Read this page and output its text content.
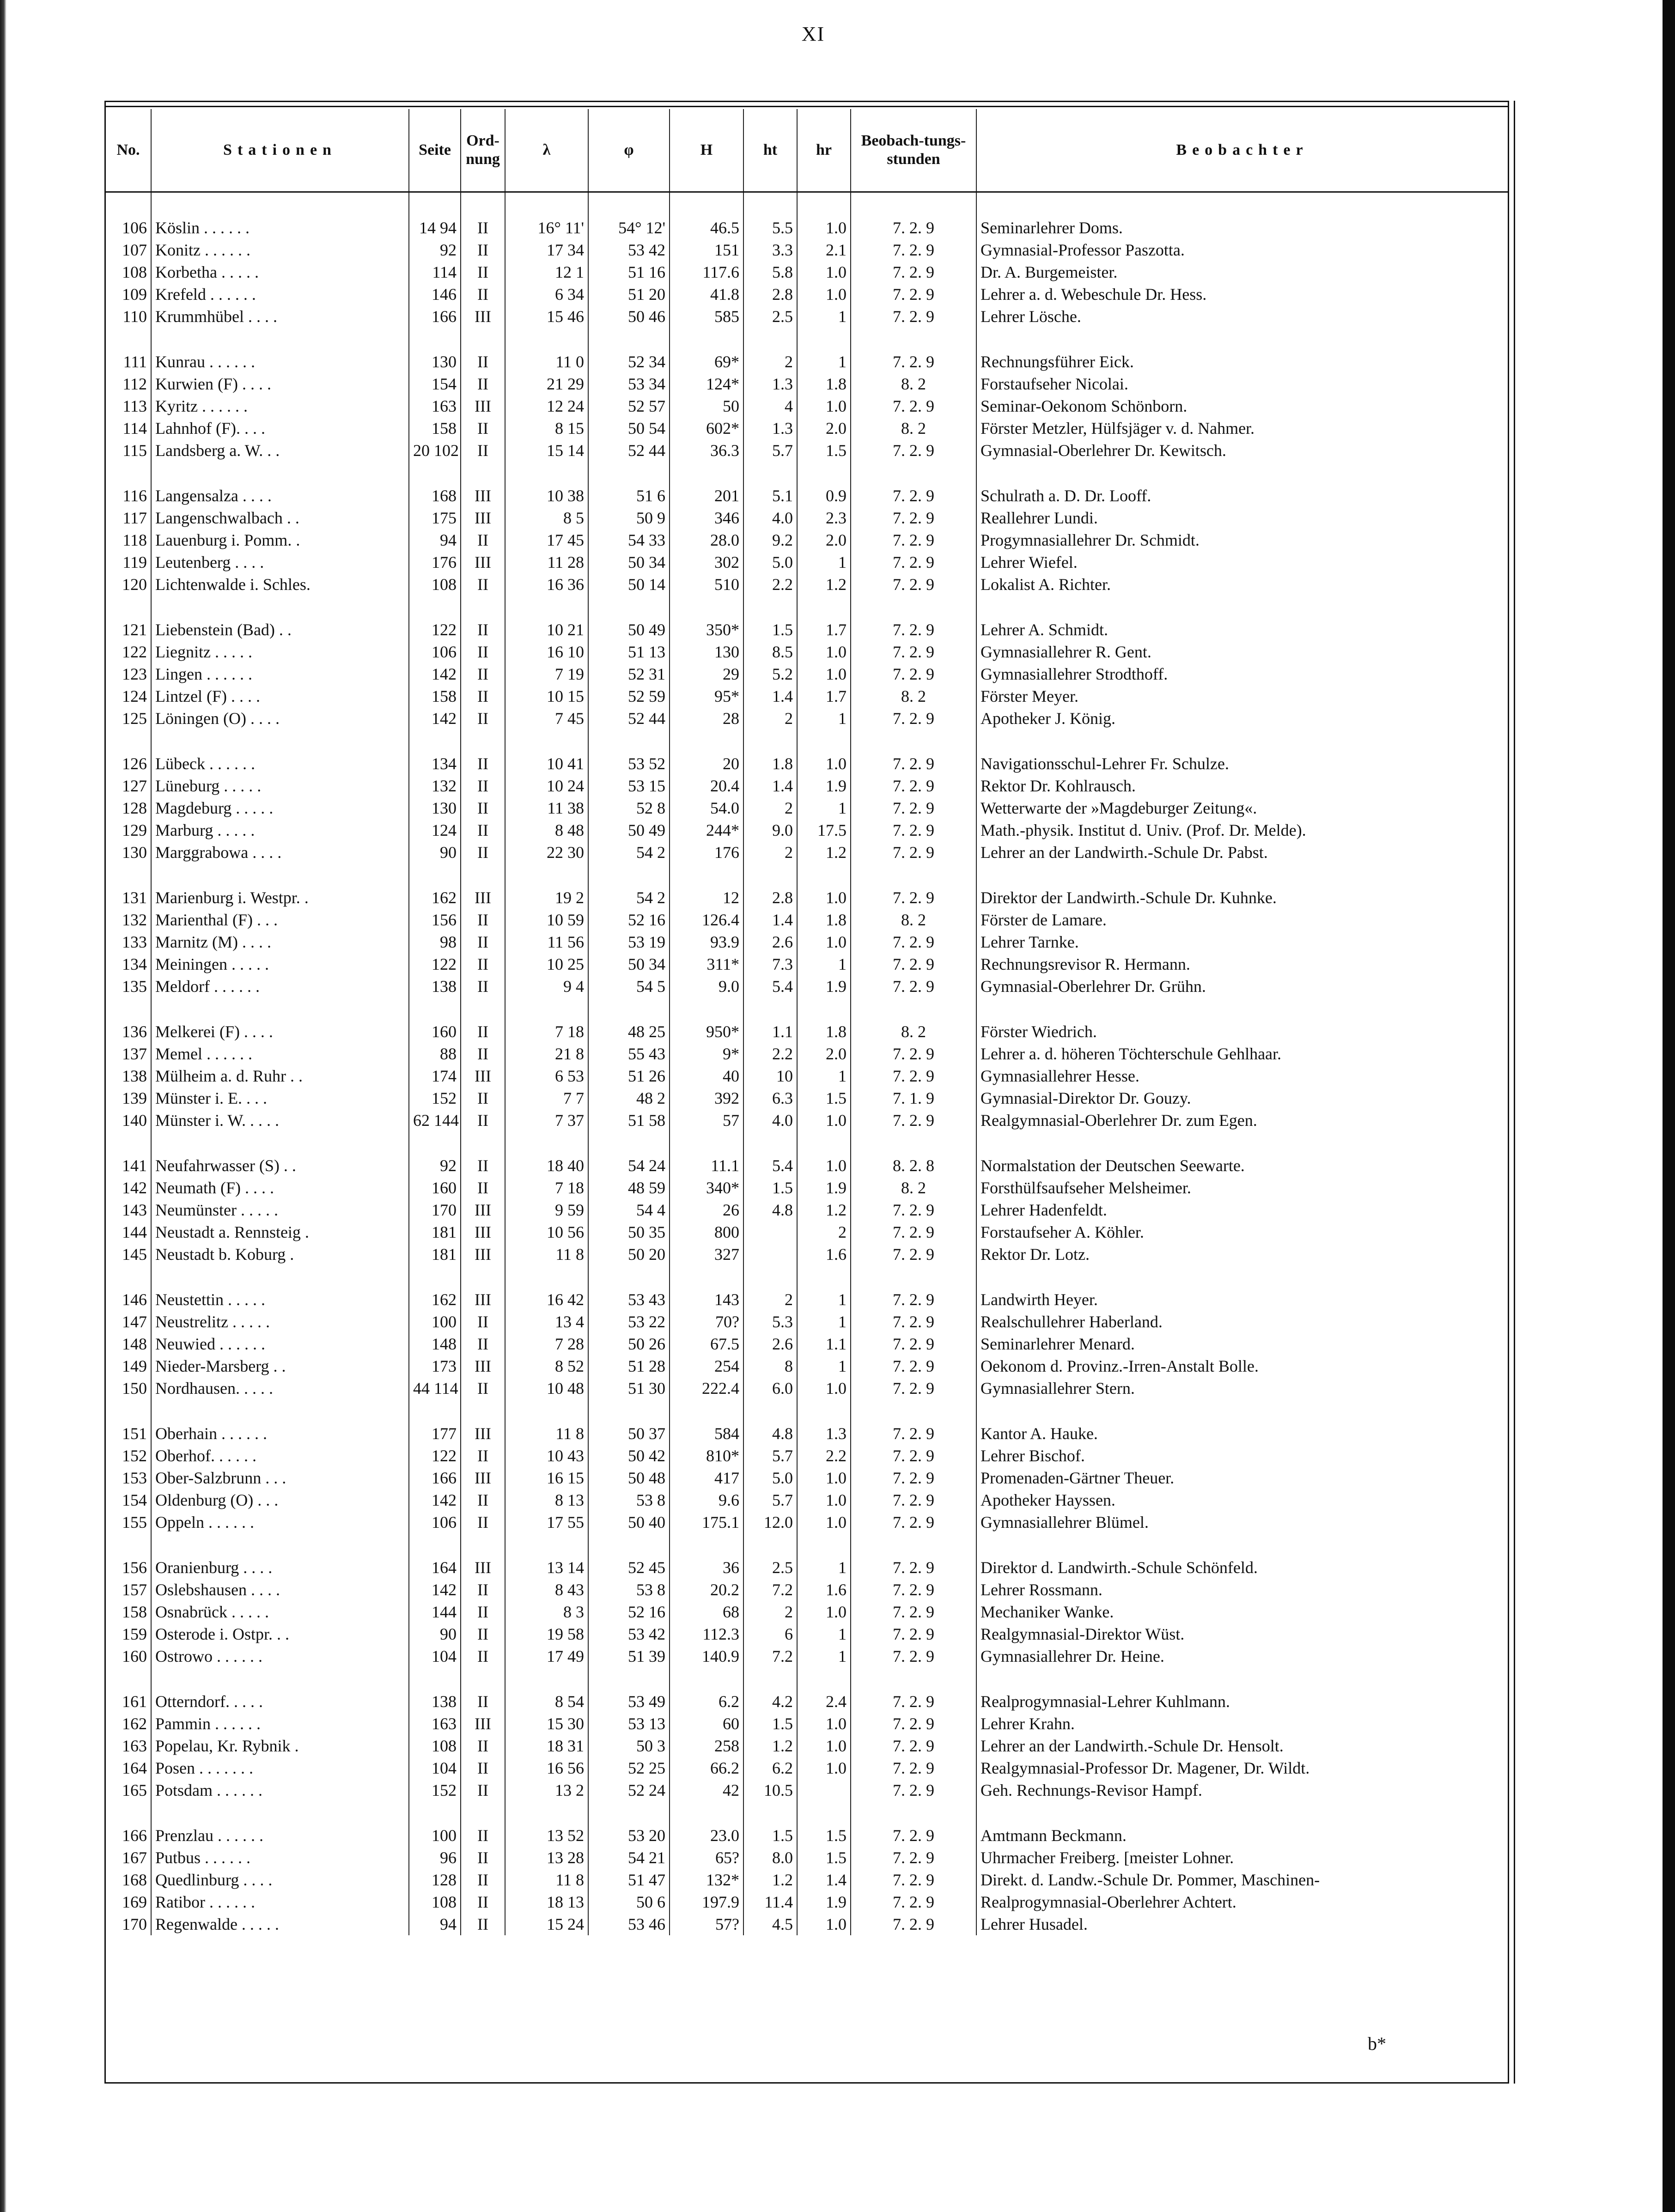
XI
No.	Stationen	Seite	Ord-nung	λ	φ	H	ht	hr	Beobach-tungs-stunden	Beobachter

106	Köslin . . . . . .	14 94	II	16° 11'	54° 12'	46.5	5.5	1.0	7. 2. 9	Seminarlehrer Doms.
107	Konitz . . . . . .	92	II	17 34	53 42	151	3.3	2.1	7. 2. 9	Gymnasial-Professor Paszotta.
108	Korbetha . . . . .	114	II	12 1	51 16	117.6	5.8	1.0	7. 2. 9	Dr. A. Burgemeister.
109	Krefeld . . . . . .	146	II	6 34	51 20	41.8	2.8	1.0	7. 2. 9	Lehrer a. d. Webeschule Dr. Hess.
110	Krummhübel . . . .	166	III	15 46	50 46	585	2.5	1	7. 2. 9	Lehrer Lösche.

111	Kunrau . . . . . .	130	II	11 0	52 34	69*	2	1	7. 2. 9	Rechnungsführer Eick.
112	Kurwien (F) . . . .	154	II	21 29	53 34	124*	1.3	1.8	8. 2	Forstaufseher Nicolai.
113	Kyritz . . . . . .	163	III	12 24	52 57	50	4	1.0	7. 2. 9	Seminar-Oekonom Schönborn.
114	Lahnhof (F). . . .	158	II	8 15	50 54	602*	1.3	2.0	8. 2	Förster Metzler, Hülfsjäger v. d. Nahmer.
115	Landsberg a. W. . .	20 102	II	15 14	52 44	36.3	5.7	1.5	7. 2. 9	Gymnasial-Oberlehrer Dr. Kewitsch.

116	Langensalza . . . .	168	III	10 38	51 6	201	5.1	0.9	7. 2. 9	Schulrath a. D. Dr. Looff.
117	Langenschwalbach . .	175	III	8 5	50 9	346	4.0	2.3	7. 2. 9	Reallehrer Lundi.
118	Lauenburg i. Pomm. .	94	II	17 45	54 33	28.0	9.2	2.0	7. 2. 9	Progymnasiallehrer Dr. Schmidt.
119	Leutenberg . . . .	176	III	11 28	50 34	302	5.0	1	7. 2. 9	Lehrer Wiefel.
120	Lichtenwalde i. Schles.	108	II	16 36	50 14	510	2.2	1.2	7. 2. 9	Lokalist A. Richter.

121	Liebenstein (Bad) . .	122	II	10 21	50 49	350*	1.5	1.7	7. 2. 9	Lehrer A. Schmidt.
122	Liegnitz . . . . .	106	II	16 10	51 13	130	8.5	1.0	7. 2. 9	Gymnasiallehrer R. Gent.
123	Lingen . . . . . .	142	II	7 19	52 31	29	5.2	1.0	7. 2. 9	Gymnasiallehrer Strodthoff.
124	Lintzel (F) . . . .	158	II	10 15	52 59	95*	1.4	1.7	8. 2	Förster Meyer.
125	Löningen (O) . . . .	142	II	7 45	52 44	28	2	1	7. 2. 9	Apotheker J. König.

126	Lübeck . . . . . .	134	II	10 41	53 52	20	1.8	1.0	7. 2. 9	Navigationsschul-Lehrer Fr. Schulze.
127	Lüneburg . . . . .	132	II	10 24	53 15	20.4	1.4	1.9	7. 2. 9	Rektor Dr. Kohlrausch.
128	Magdeburg . . . . .	130	II	11 38	52 8	54.0	2	1	7. 2. 9	Wetterwarte der »Magdeburger Zeitung«.
129	Marburg . . . . .	124	II	8 48	50 49	244*	9.0	17.5	7. 2. 9	Math.-physik. Institut d. Univ. (Prof. Dr. Melde).
130	Marggrabowa . . . .	90	II	22 30	54 2	176	2	1.2	7. 2. 9	Lehrer an der Landwirth.-Schule Dr. Pabst.

131	Marienburg i. Westpr. .	162	III	19 2	54 2	12	2.8	1.0	7. 2. 9	Direktor der Landwirth.-Schule Dr. Kuhnke.
132	Marienthal (F) . . .	156	II	10 59	52 16	126.4	1.4	1.8	8. 2	Förster de Lamare.
133	Marnitz (M) . . . .	98	II	11 56	53 19	93.9	2.6	1.0	7. 2. 9	Lehrer Tarnke.
134	Meiningen . . . . .	122	II	10 25	50 34	311*	7.3	1	7. 2. 9	Rechnungsrevisor R. Hermann.
135	Meldorf . . . . . .	138	II	9 4	54 5	9.0	5.4	1.9	7. 2. 9	Gymnasial-Oberlehrer Dr. Grühn.

136	Melkerei (F) . . . .	160	II	7 18	48 25	950*	1.1	1.8	8. 2	Förster Wiedrich.
137	Memel . . . . . .	88	II	21 8	55 43	9*	2.2	2.0	7. 2. 9	Lehrer a. d. höheren Töchterschule Gehlhaar.
138	Mülheim a. d. Ruhr . .	174	III	6 53	51 26	40	10	1	7. 2. 9	Gymnasiallehrer Hesse.
139	Münster i. E. . . .	152	II	7 7	48 2	392	6.3	1.5	7. 1. 9	Gymnasial-Direktor Dr. Gouzy.
140	Münster i. W. . . . .	62 144	II	7 37	51 58	57	4.0	1.0	7. 2. 9	Realgymnasial-Oberlehrer Dr. zum Egen.

141	Neufahrwasser (S) . .	92	II	18 40	54 24	11.1	5.4	1.0	8. 2. 8	Normalstation der Deutschen Seewarte.
142	Neumath (F) . . . .	160	II	7 18	48 59	340*	1.5	1.9	8. 2	Forsthülfsaufseher Melsheimer.
143	Neumünster . . . . .	170	III	9 59	54 4	26	4.8	1.2	7. 2. 9	Lehrer Hadenfeldt.
144	Neustadt a. Rennsteig .	181	III	10 56	50 35	800		2	7. 2. 9	Forstaufseher A. Köhler.
145	Neustadt b. Koburg .	181	III	11 8	50 20	327		1.6	7. 2. 9	Rektor Dr. Lotz.

146	Neustettin . . . . .	162	III	16 42	53 43	143	2	1	7. 2. 9	Landwirth Heyer.
147	Neustrelitz . . . . .	100	II	13 4	53 22	70?	5.3	1	7. 2. 9	Realschullehrer Haberland.
148	Neuwied . . . . . .	148	II	7 28	50 26	67.5	2.6	1.1	7. 2. 9	Seminarlehrer Menard.
149	Nieder-Marsberg . .	173	III	8 52	51 28	254	8	1	7. 2. 9	Oekonom d. Provinz.-Irren-Anstalt Bolle.
150	Nordhausen. . . . .	44 114	II	10 48	51 30	222.4	6.0	1.0	7. 2. 9	Gymnasiallehrer Stern.

151	Oberhain . . . . . .	177	III	11 8	50 37	584	4.8	1.3	7. 2. 9	Kantor A. Hauke.
152	Oberhof. . . . . .	122	II	10 43	50 42	810*	5.7	2.2	7. 2. 9	Lehrer Bischof.
153	Ober-Salzbrunn . . .	166	III	16 15	50 48	417	5.0	1.0	7. 2. 9	Promenaden-Gärtner Theuer.
154	Oldenburg (O) . . .	142	II	8 13	53 8	9.6	5.7	1.0	7. 2. 9	Apotheker Hayssen.
155	Oppeln . . . . . .	106	II	17 55	50 40	175.1	12.0	1.0	7. 2. 9	Gymnasiallehrer Blümel.

156	Oranienburg . . . .	164	III	13 14	52 45	36	2.5	1	7. 2. 9	Direktor d. Landwirth.-Schule Schönfeld.
157	Oslebshausen . . . .	142	II	8 43	53 8	20.2	7.2	1.6	7. 2. 9	Lehrer Rossmann.
158	Osnabrück . . . . .	144	II	8 3	52 16	68	2	1.0	7. 2. 9	Mechaniker Wanke.
159	Osterode i. Ostpr. . .	90	II	19 58	53 42	112.3	6	1	7. 2. 9	Realgymnasial-Direktor Wüst.
160	Ostrowo . . . . . .	104	II	17 49	51 39	140.9	7.2	1	7. 2. 9	Gymnasiallehrer Dr. Heine.

161	Otterndorf. . . . .	138	II	8 54	53 49	6.2	4.2	2.4	7. 2. 9	Realprogymnasial-Lehrer Kuhlmann.
162	Pammin . . . . . .	163	III	15 30	53 13	60	1.5	1.0	7. 2. 9	Lehrer Krahn.
163	Popelau, Kr. Rybnik .	108	II	18 31	50 3	258	1.2	1.0	7. 2. 9	Lehrer an der Landwirth.-Schule Dr. Hensolt.
164	Posen . . . . . . .	104	II	16 56	52 25	66.2	6.2	1.0	7. 2. 9	Realgymnasial-Professor Dr. Magener, Dr. Wildt.
165	Potsdam . . . . . .	152	II	13 2	52 24	42	10.5		7. 2. 9	Geh. Rechnungs-Revisor Hampf.

166	Prenzlau . . . . . .	100	II	13 52	53 20	23.0	1.5	1.5	7. 2. 9	Amtmann Beckmann.
167	Putbus . . . . . .	96	II	13 28	54 21	65?	8.0	1.5	7. 2. 9	Uhrmacher Freiberg. [meister Lohner.
168	Quedlinburg . . . .	128	II	11 8	51 47	132*	1.2	1.4	7. 2. 9	Direkt. d. Landw.-Schule Dr. Pommer, Maschinen-
169	Ratibor . . . . . .	108	II	18 13	50 6	197.9	11.4	1.9	7. 2. 9	Realprogymnasial-Oberlehrer Achtert.
170	Regenwalde . . . . .	94	II	15 24	53 46	57?	4.5	1.0	7. 2. 9	Lehrer Husadel.
b*
